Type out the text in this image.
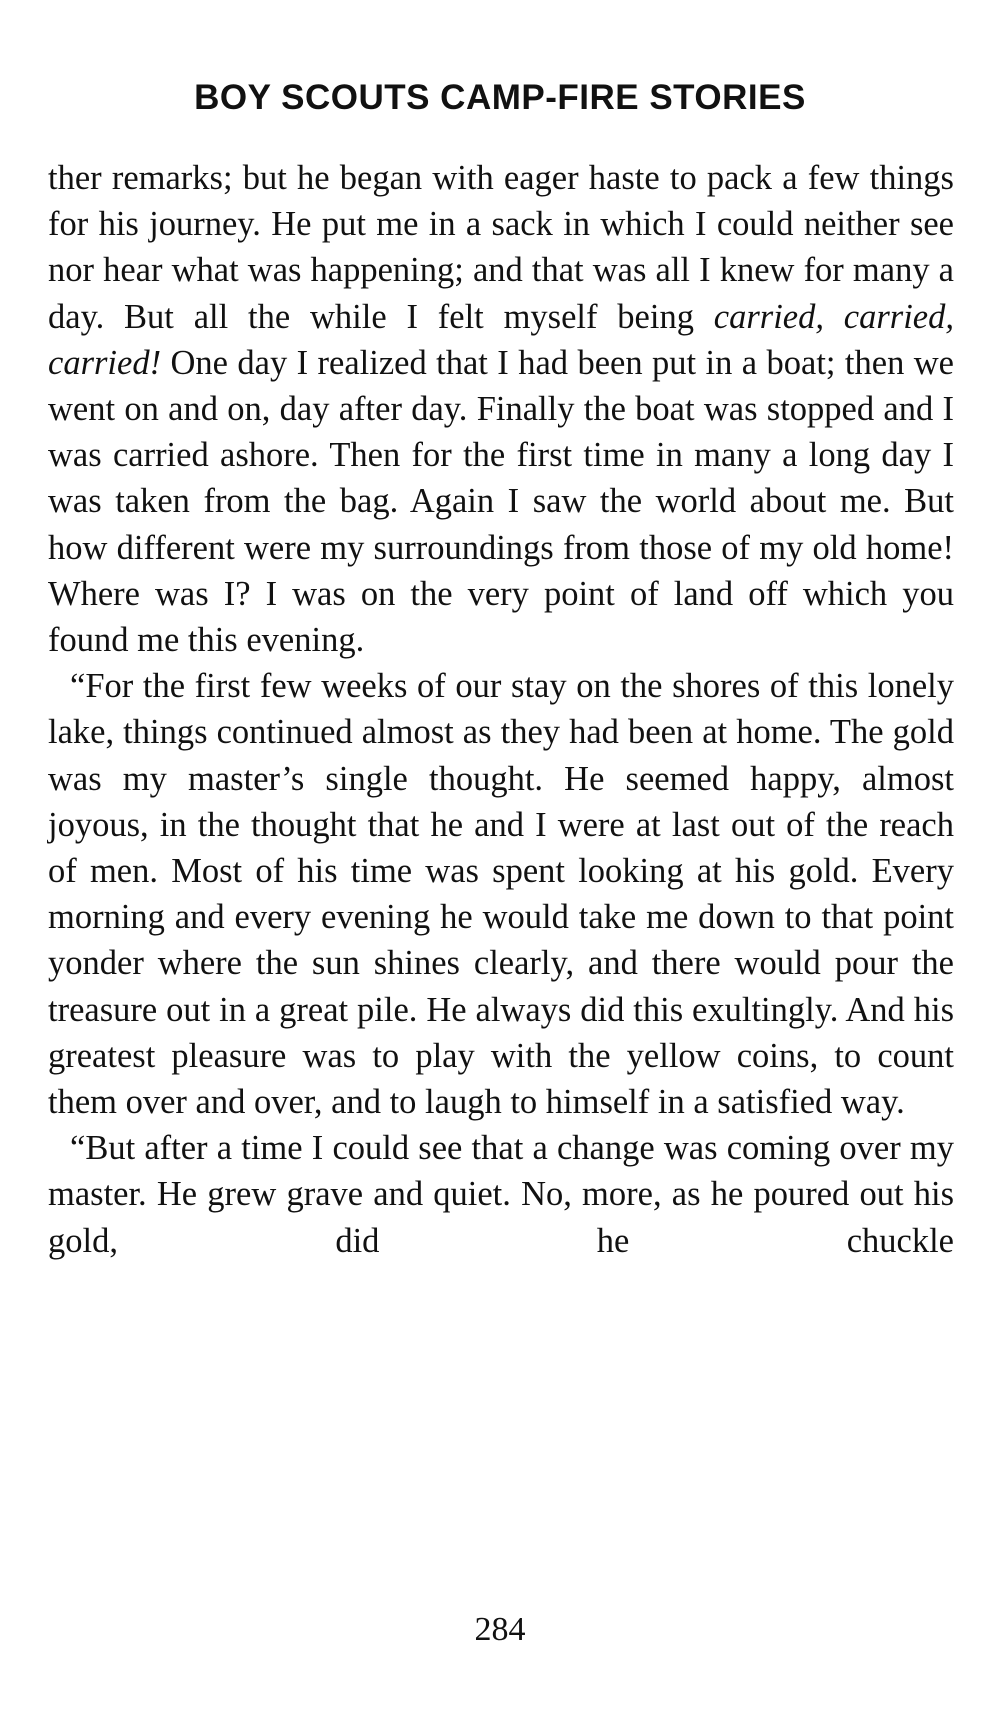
BOY SCOUTS CAMP-FIRE STORIES

ther remarks; but he began with eager haste to pack a few things for his journey. He put me in a sack in which I could neither see nor hear what was happening; and that was all I knew for many a day. But all the while I felt myself being carried, carried, carried! One day I realized that I had been put in a boat; then we went on and on, day after day. Finally the boat was stopped and I was carried ashore. Then for the first time in many a long day I was taken from the bag. Again I saw the world about me. But how different were my surroundings from those of my old home! Where was I? I was on the very point of land off which you found me this evening.

“For the first few weeks of our stay on the shores of this lonely lake, things continued almost as they had been at home. The gold was my master’s single thought. He seemed happy, almost joyous, in the thought that he and I were at last out of the reach of men. Most of his time was spent looking at his gold. Every morning and every evening he would take me down to that point yonder where the sun shines clearly, and there would pour the treasure out in a great pile. He always did this exultingly. And his greatest pleasure was to play with the yellow coins, to count them over and over, and to laugh to himself in a satisfied way.

“But after a time I could see that a change was coming over my master. He grew grave and quiet. No, more, as he poured out his gold, did he chuckle

284
